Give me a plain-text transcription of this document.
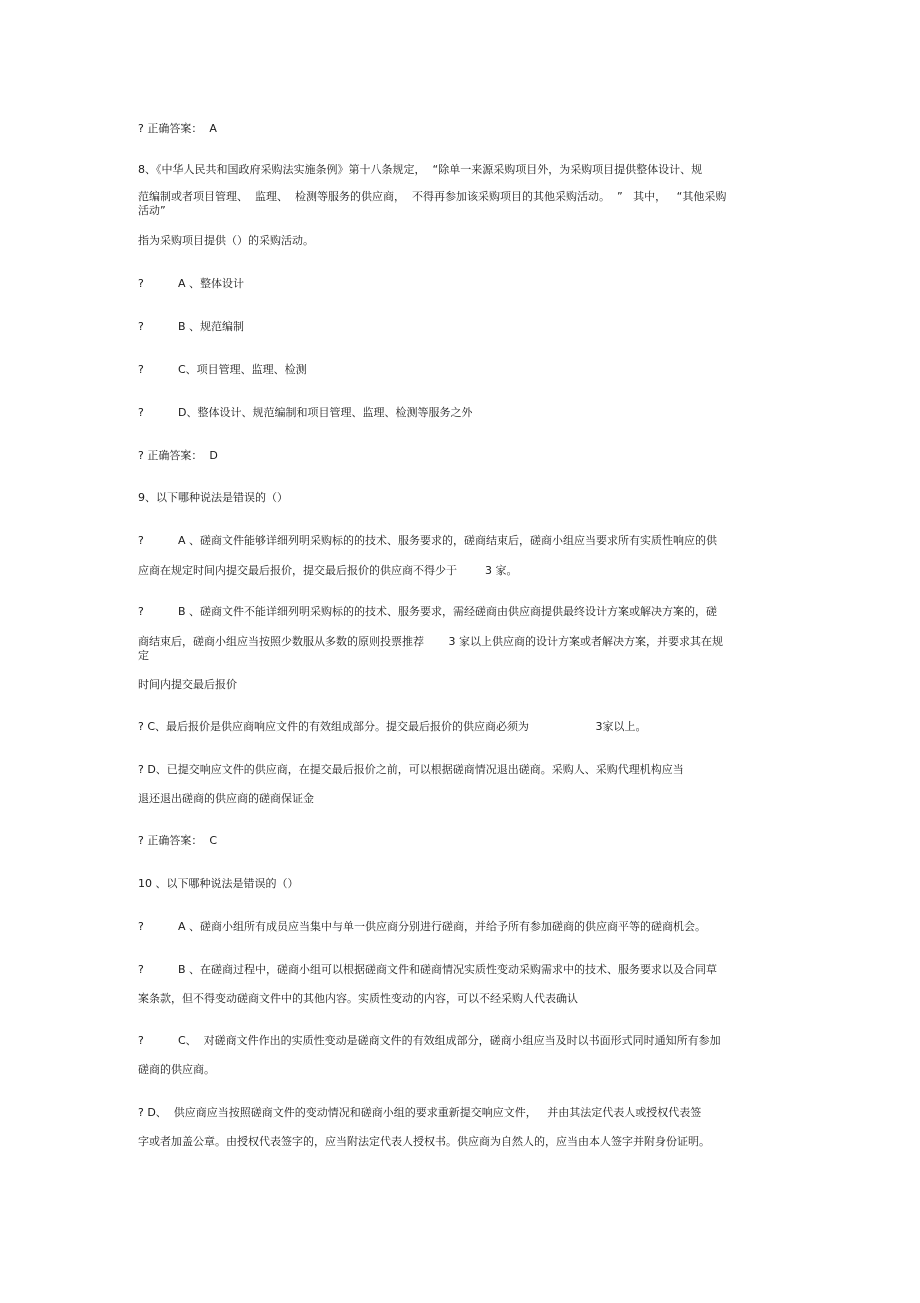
? 正确答案：  A
8、《中华人民共和国政府采购法实施条例》第十八条规定，  “除单一来源采购项目外，为采购项目提供整体设计、规
范编制或者项目管理、  监理、  检测等服务的供应商，  不得再参加该采购项目的其他采购活动。  ”   其中，   “其他采购
活动”
指为采购项目提供（）的采购活动。
?	A 、整体设计
?	B 、规范编制
?	C、项目管理、监理、检测
?	D、整体设计、规范编制和项目管理、监理、检测等服务之外
? 正确答案：  D
9、以下哪种说法是错误的（）
?	A 、磋商文件能够详细列明采购标的的技术、服务要求的，磋商结束后，磋商小组应当要求所有实质性响应的供
应商在规定时间内提交最后报价，提交最后报价的供应商不得少于        3 家。
?	B 、磋商文件不能详细列明采购标的的技术、服务要求，需经磋商由供应商提供最终设计方案或解决方案的，磋
商结束后，磋商小组应当按照少数服从多数的原则投票推荐       3 家以上供应商的设计方案或者解决方案，并要求其在规
定
时间内提交最后报价
? C、最后报价是供应商响应文件的有效组成部分。提交最后报价的供应商必须为                   3家以上。
? D、已提交响应文件的供应商，在提交最后报价之前，可以根据磋商情况退出磋商。采购人、采购代理机构应当
退还退出磋商的供应商的磋商保证金
? 正确答案：  C
10 、以下哪种说法是错误的（）
?	A 、磋商小组所有成员应当集中与单一供应商分别进行磋商，并给予所有参加磋商的供应商平等的磋商机会。
?	B 、在磋商过程中，磋商小组可以根据磋商文件和磋商情况实质性变动采购需求中的技术、服务要求以及合同草
案条款，但不得变动磋商文件中的其他内容。实质性变动的内容，可以不经采购人代表确认
?	C、  对磋商文件作出的实质性变动是磋商文件的有效组成部分，磋商小组应当及时以书面形式同时通知所有参加
磋商的供应商。
? D、  供应商应当按照磋商文件的变动情况和磋商小组的要求重新提交响应文件，   并由其法定代表人或授权代表签
字或者加盖公章。由授权代表签字的，应当附法定代表人授权书。供应商为自然人的，应当由本人签字并附身份证明。
